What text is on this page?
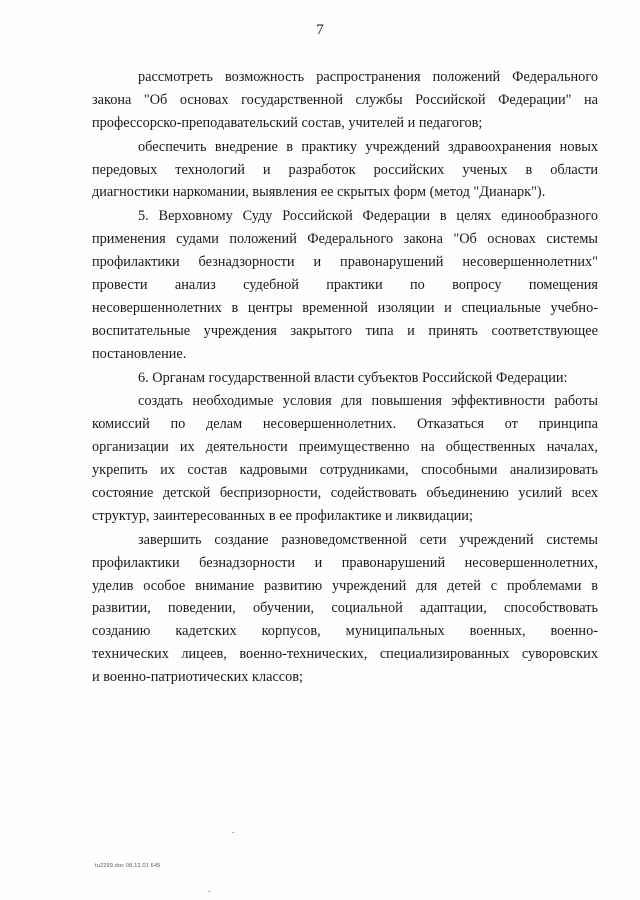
7
рассмотреть возможность распространения положений Федерального
закона "Об основах государственной службы Российской Федерации" на
профессорско-преподавательский состав, учителей и педагогов;
обеспечить внедрение в практику учреждений здравоохранения новых
передовых технологий и разработок российских ученых в области
диагностики наркомании, выявления ее скрытых форм (метод "Дианарк").
5. Верховному Суду Российской Федерации в целях единообразного
применения судами положений Федерального закона "Об основах системы
профилактики безнадзорности и правонарушений несовершеннолетних"
провести анализ судебной практики по вопросу помещения
несовершеннолетних в центры временной изоляции и специальные учебно-
воспитательные учреждения закрытого типа и принять соответствующее
постановление.
6. Органам государственной власти субъектов Российской Федерации:
создать необходимые условия для повышения эффективности работы
комиссий по делам несовершеннолетних. Отказаться от принципа
организации их деятельности преимущественно на общественных началах,
укрепить их состав кадровыми сотрудниками, способными анализировать
состояние детской беспризорности, содействовать объединению усилий всех
структур, заинтересованных в ее профилактике и ликвидации;
завершить создание разноведомственной сети учреждений системы
профилактики безнадзорности и правонарушений несовершеннолетних,
уделив особое внимание развитию учреждений для детей с проблемами в
развитии, поведении, обучении, социальной адаптации, способствовать
созданию кадетских корпусов, муниципальных военных, военно-
технических лицеев, военно-технических, специализированных суворовских
и военно-патриотических классов;
tu2299.doc 08.12.01 645
